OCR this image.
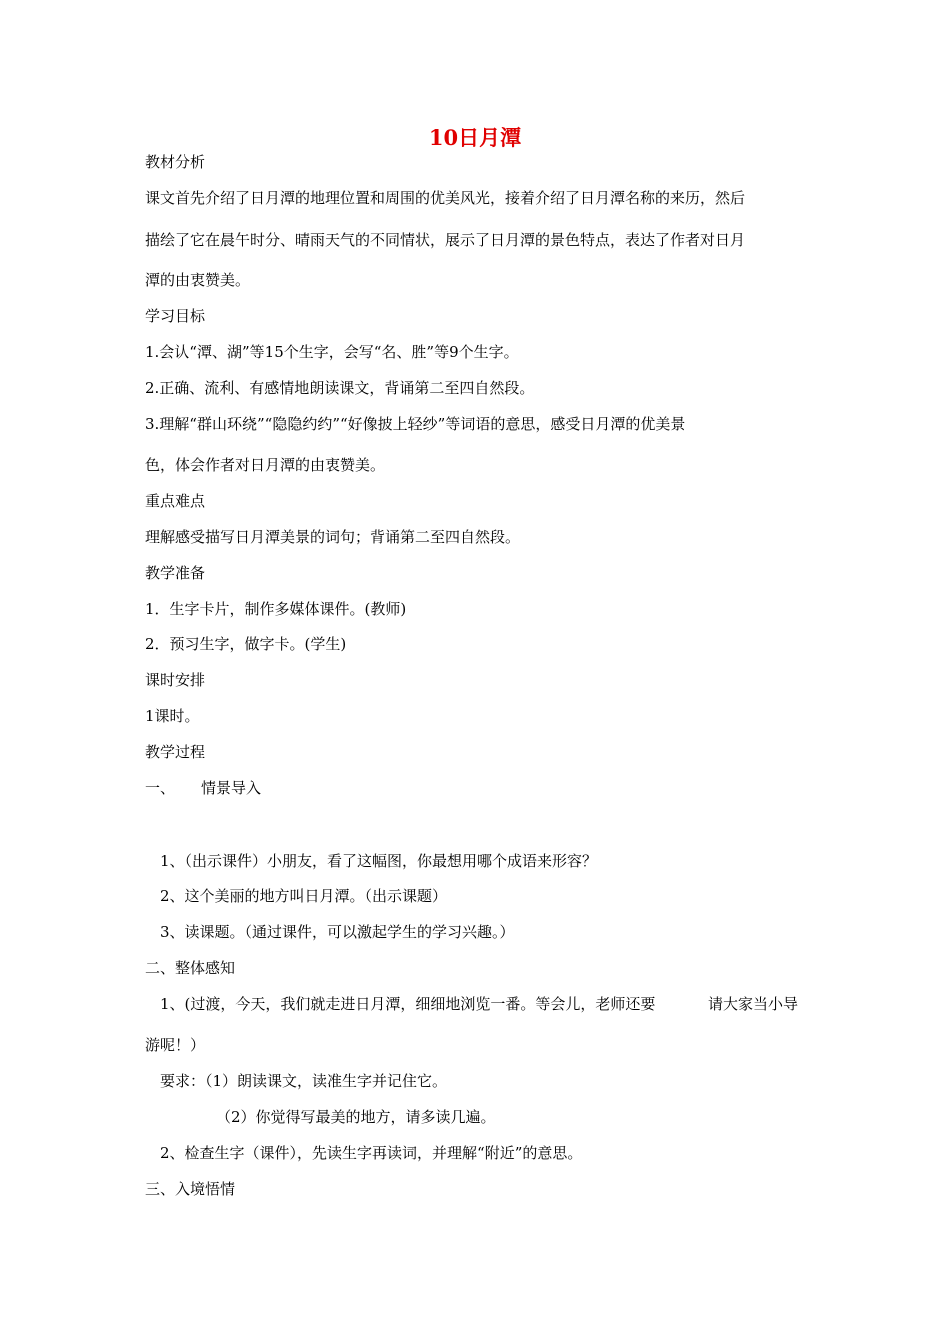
10日月潭
教材分析
课文首先介绍了日月潭的地理位置和周围的优美风光，接着介绍了日月潭名称的来历，然后
描绘了它在晨午时分、晴雨天气的不同情状，展示了日月潭的景色特点，表达了作者对日月
潭的由衷赞美。
学习目标
1.会认“潭、湖”等15个生字，会写“名、胜”等9个生字。
2.正确、流利、有感情地朗读课文，背诵第二至四自然段。
3.理解“群山环绕”“隐隐约约”“好像披上轻纱”等词语的意思，感受日月潭的优美景
色，体会作者对日月潭的由衷赞美。
重点难点
理解感受描写日月潭美景的词句；背诵第二至四自然段。
教学准备
1．生字卡片，制作多媒体课件。(教师)
2．预习生字，做字卡。(学生)
课时安排
1课时。
教学过程
一、 情景导入
1、（出示课件）小朋友，看了这幅图，你最想用哪个成语来形容？
2、这个美丽的地方叫日月潭。（出示课题）
3、读课题。（通过课件，可以激起学生的学习兴趣。）
二、整体感知
1、(过渡，今天，我们就走进日月潭，细细地浏览一番。等会儿，老师还要	请大家当小导
游呢！）
要求：（1）朗读课文，读准生字并记住它。
（2）你觉得写最美的地方，请多读几遍。
2、检查生字（课件），先读生字再读词，并理解“附近”的意思。
三、入境悟情
